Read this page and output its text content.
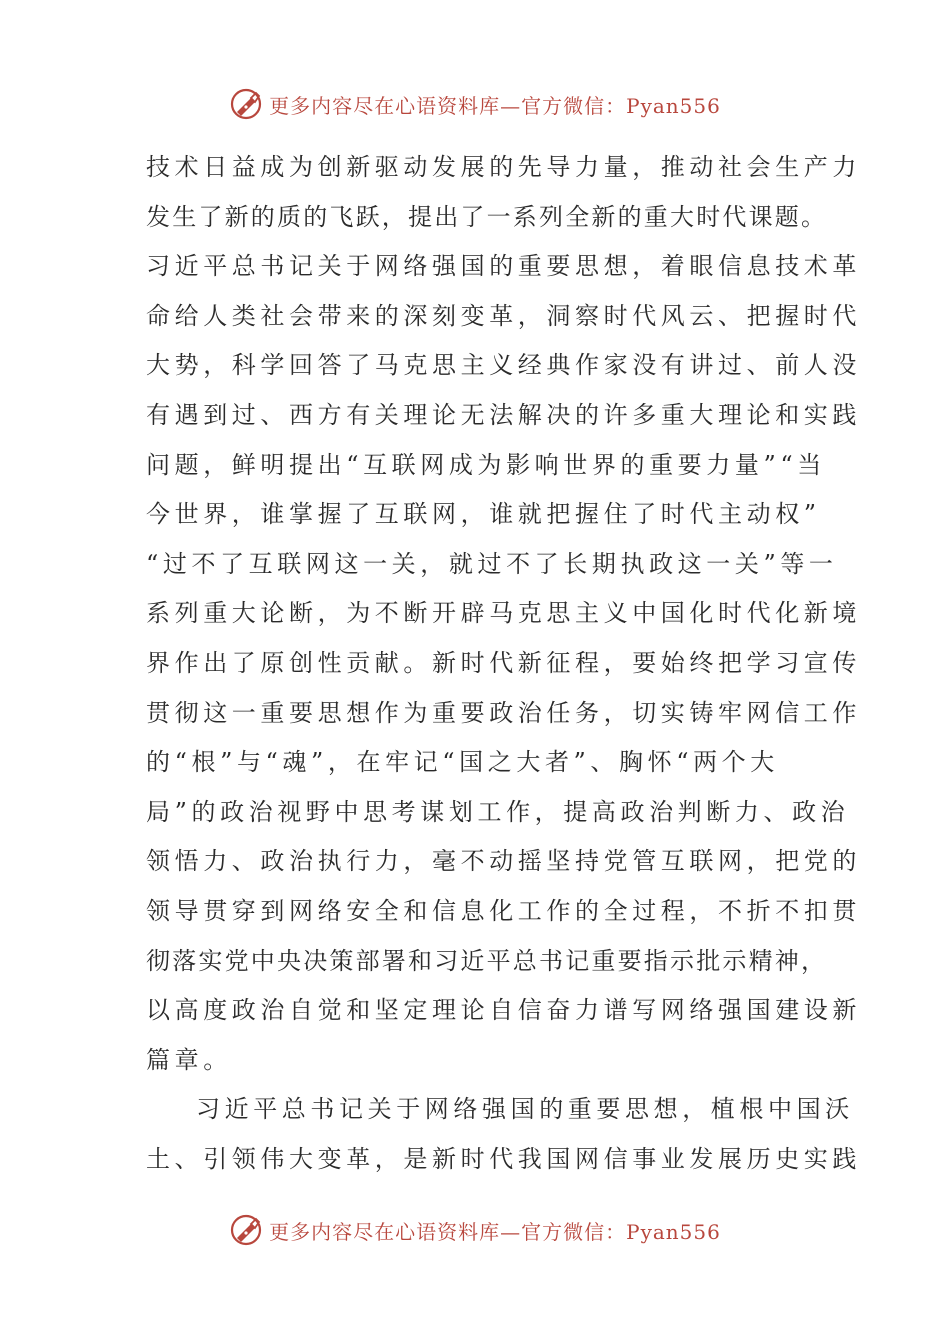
更多内容尽在心语资料库—官方微信：Pyan556
技术日益成为创新驱动发展的先导力量，推动社会生产力
发生了新的质的飞跃，提出了一系列全新的重大时代课题。
习近平总书记关于网络强国的重要思想，着眼信息技术革
命给人类社会带来的深刻变革，洞察时代风云、把握时代
大势，科学回答了马克思主义经典作家没有讲过、前人没
有遇到过、西方有关理论无法解决的许多重大理论和实践
问题，鲜明提出“互联网成为影响世界的重要力量”“当
今世界，谁掌握了互联网，谁就把握住了时代主动权”
“过不了互联网这一关，就过不了长期执政这一关”等一
系列重大论断，为不断开辟马克思主义中国化时代化新境
界作出了原创性贡献。新时代新征程，要始终把学习宣传
贯彻这一重要思想作为重要政治任务，切实铸牢网信工作
的“根”与“魂”，在牢记“国之大者”、胸怀“两个大
局”的政治视野中思考谋划工作，提高政治判断力、政治
领悟力、政治执行力，毫不动摇坚持党管互联网，把党的
领导贯穿到网络安全和信息化工作的全过程，不折不扣贯
彻落实党中央决策部署和习近平总书记重要指示批示精神，
以高度政治自觉和坚定理论自信奋力谱写网络强国建设新
篇章。
习近平总书记关于网络强国的重要思想，植根中国沃
土、引领伟大变革，是新时代我国网信事业发展历史实践
更多内容尽在心语资料库—官方微信：Pyan556
